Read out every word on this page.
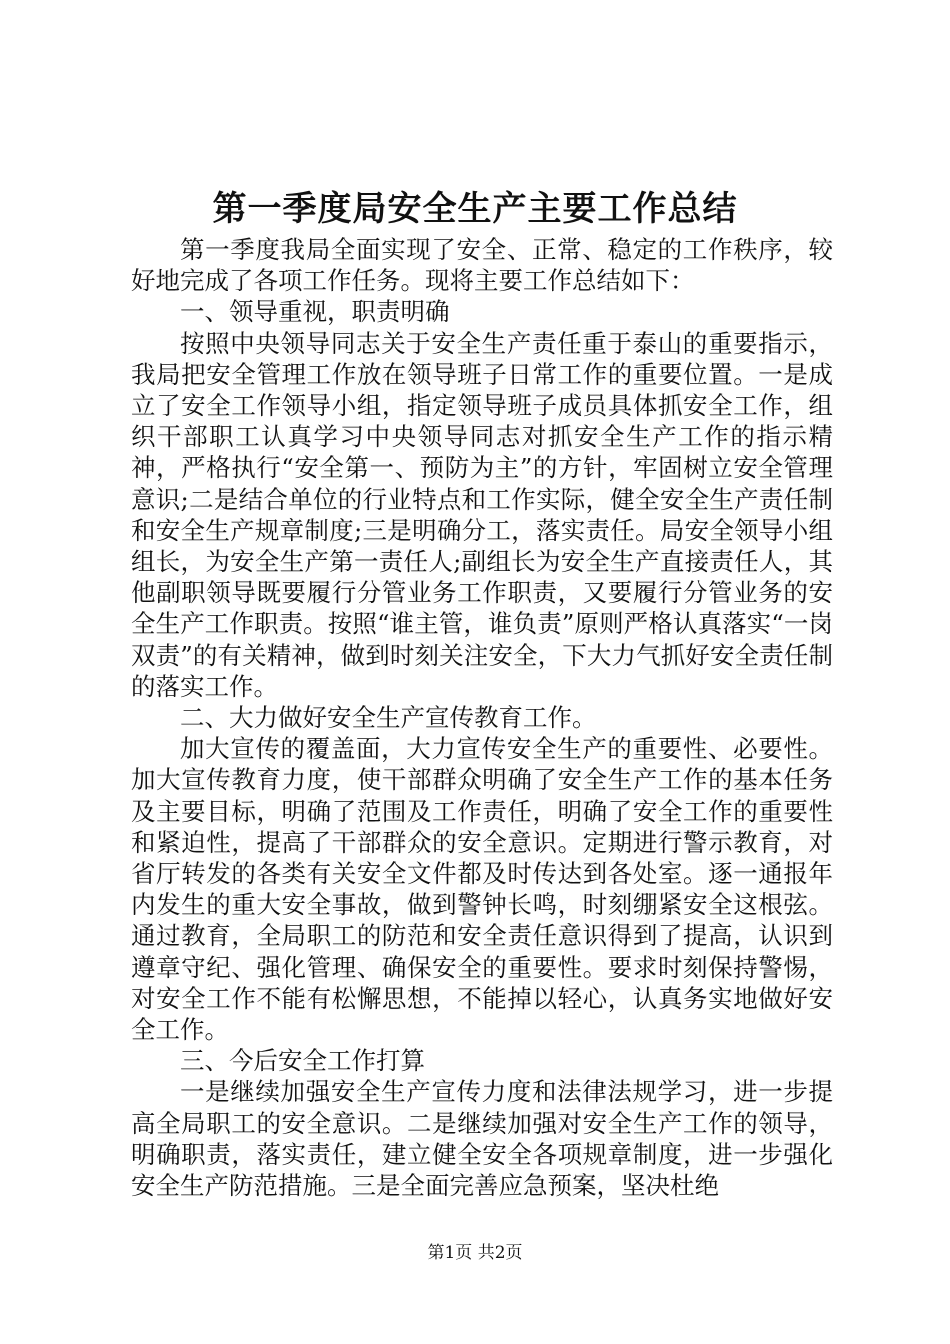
第一季度局安全生产主要工作总结

第一季度我局全面实现了安全、正常、稳定的工作秩序，较好地完成了各项工作任务。现将主要工作总结如下：

一、领导重视，职责明确

按照中央领导同志关于安全生产责任重于泰山的重要指示，我局把安全管理工作放在领导班子日常工作的重要位置。一是成立了安全工作领导小组，指定领导班子成员具体抓安全工作，组织干部职工认真学习中央领导同志对抓安全生产工作的指示精神，严格执行“安全第一、预防为主”的方针，牢固树立安全管理意识;二是结合单位的行业特点和工作实际，健全安全生产责任制和安全生产规章制度;三是明确分工，落实责任。局安全领导小组组长，为安全生产第一责任人;副组长为安全生产直接责任人，其他副职领导既要履行分管业务工作职责，又要履行分管业务的安全生产工作职责。按照“谁主管，谁负责”原则严格认真落实“一岗双责”的有关精神，做到时刻关注安全，下大力气抓好安全责任制的落实工作。

二、大力做好安全生产宣传教育工作。

加大宣传的覆盖面，大力宣传安全生产的重要性、必要性。加大宣传教育力度，使干部群众明确了安全生产工作的基本任务及主要目标，明确了范围及工作责任，明确了安全工作的重要性和紧迫性，提高了干部群众的安全意识。定期进行警示教育，对省厅转发的各类有关安全文件都及时传达到各处室。逐一通报年内发生的重大安全事故，做到警钟长鸣，时刻绷紧安全这根弦。通过教育，全局职工的防范和安全责任意识得到了提高，认识到遵章守纪、强化管理、确保安全的重要性。要求时刻保持警惕，对安全工作不能有松懈思想，不能掉以轻心，认真务实地做好安全工作。

三、今后安全工作打算

一是继续加强安全生产宣传力度和法律法规学习，进一步提高全局职工的安全意识。二是继续加强对安全生产工作的领导，明确职责，落实责任，建立健全安全各项规章制度，进一步强化安全生产防范措施。三是全面完善应急预案，坚决杜绝

第1页 共2页
